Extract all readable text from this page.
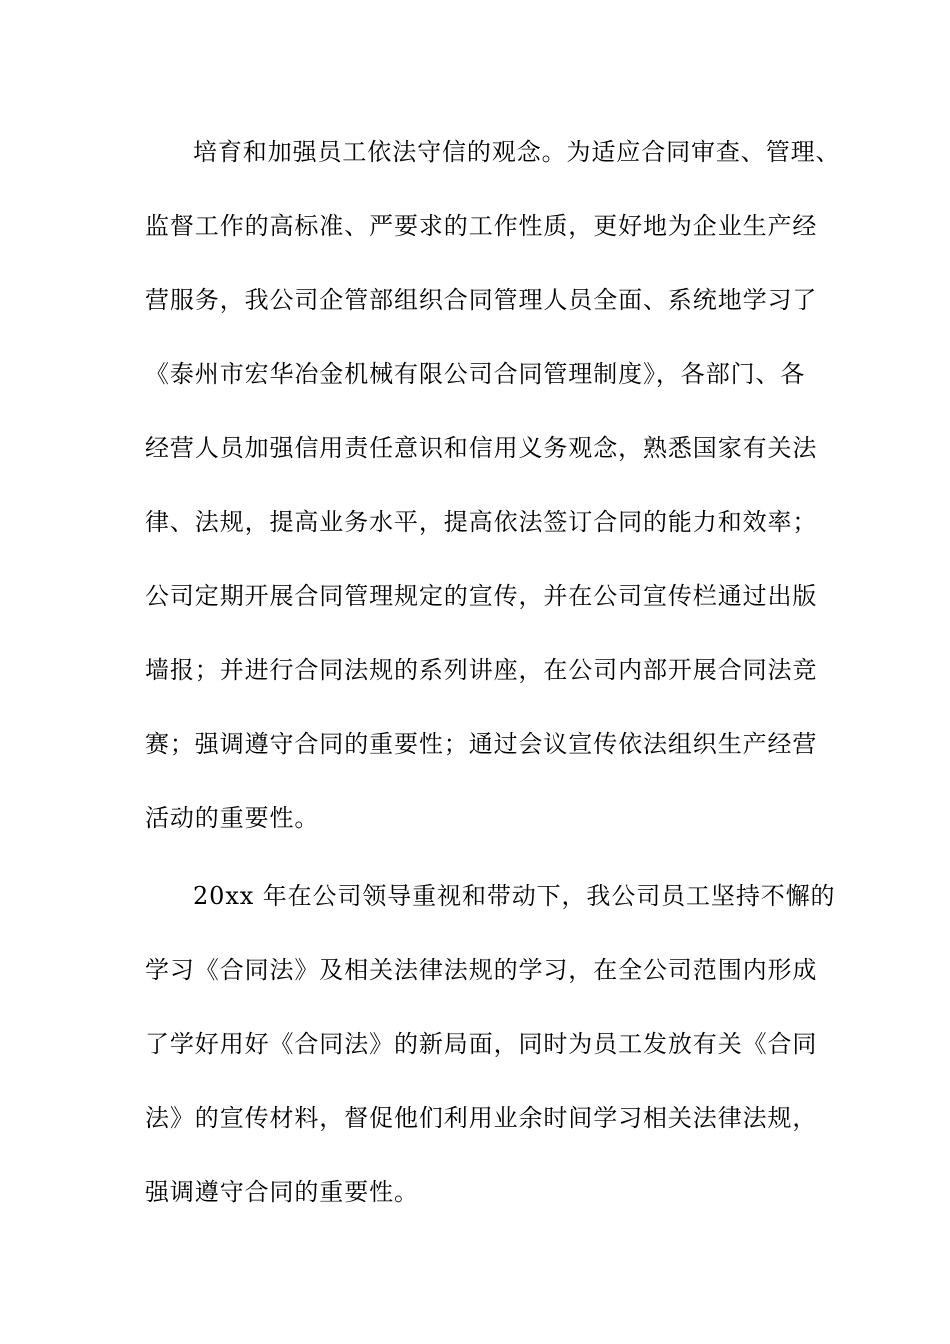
培育和加强员工依法守信的观念。为适应合同审查、管理、
监督工作的高标准、严要求的工作性质，更好地为企业生产经
营服务，我公司企管部组织合同管理人员全面、系统地学习了
《泰州市宏华冶金机械有限公司合同管理制度》，各部门、各
经营人员加强信用责任意识和信用义务观念，熟悉国家有关法
律、法规，提高业务水平，提高依法签订合同的能力和效率；
公司定期开展合同管理规定的宣传，并在公司宣传栏通过出版
墙报；并进行合同法规的系列讲座，在公司内部开展合同法竞
赛；强调遵守合同的重要性；通过会议宣传依法组织生产经营
活动的重要性。
20xx 年在公司领导重视和带动下，我公司员工坚持不懈的
学习《合同法》及相关法律法规的学习，在全公司范围内形成
了学好用好《合同法》的新局面，同时为员工发放有关《合同
法》的宣传材料，督促他们利用业余时间学习相关法律法规，
强调遵守合同的重要性。
